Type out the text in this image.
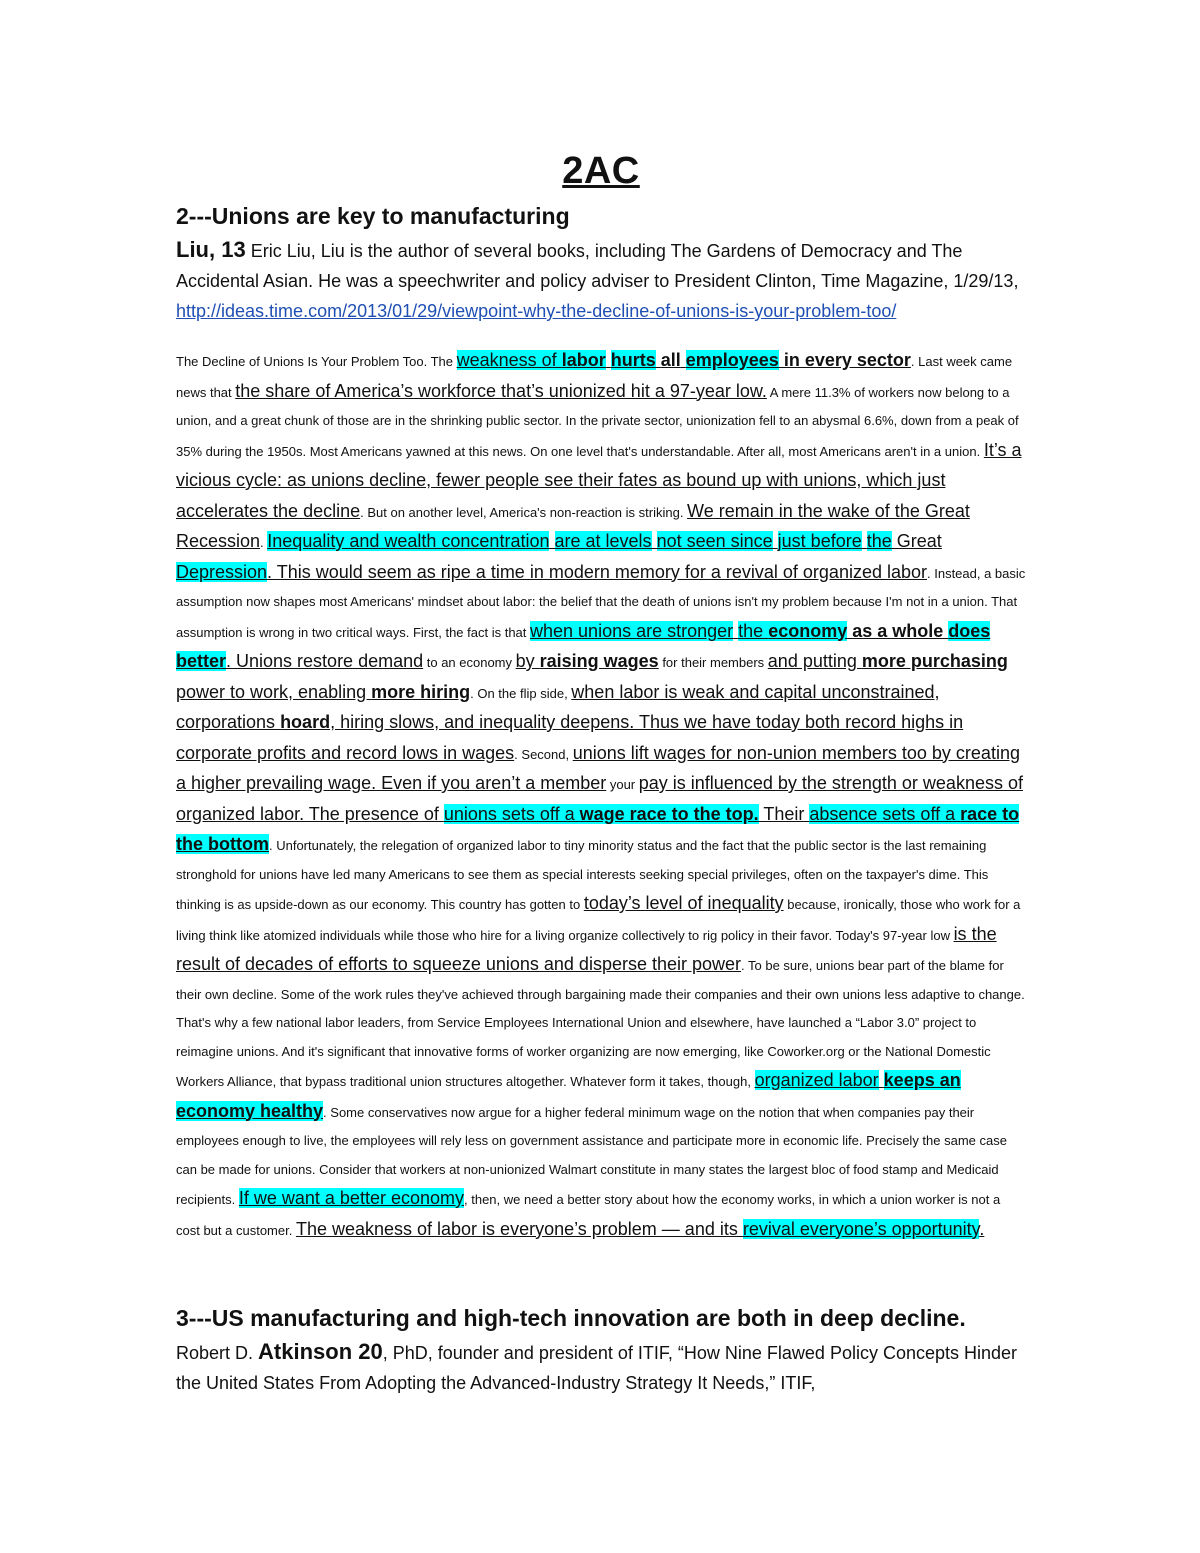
2AC
2---Unions are key to manufacturing

Liu, 13 Eric Liu, Liu is the author of several books, including The Gardens of Democracy and The Accidental Asian. He was a speechwriter and policy adviser to President Clinton, Time Magazine, 1/29/13, http://ideas.time.com/2013/01/29/viewpoint-why-the-decline-of-unions-is-your-problem-too/

The Decline of Unions Is Your Problem Too. The weakness of labor hurts all employees in every sector. Last week came news that the share of America’s workforce that’s unionized hit a 97-year low. A mere 11.3% of workers now belong to a union, and a great chunk of those are in the shrinking public sector. In the private sector, unionization fell to an abysmal 6.6%, down from a peak of 35% during the 1950s. Most Americans yawned at this news. On one level that's understandable. After all, most Americans aren't in a union. It’s a vicious cycle: as unions decline, fewer people see their fates as bound up with unions, which just accelerates the decline. But on another level, America's non-reaction is striking. We remain in the wake of the Great Recession. Inequality and wealth concentration are at levels not seen since just before the Great Depression. This would seem as ripe a time in modern memory for a revival of organized labor. Instead, a basic assumption now shapes most Americans' mindset about labor: the belief that the death of unions isn't my problem because I'm not in a union. That assumption is wrong in two critical ways. First, the fact is that when unions are stronger the economy as a whole does better. Unions restore demand to an economy by raising wages for their members and putting more purchasing power to work, enabling more hiring. On the flip side, when labor is weak and capital unconstrained, corporations hoard, hiring slows, and inequality deepens. Thus we have today both record highs in corporate profits and record lows in wages. Second, unions lift wages for non-union members too by creating a higher prevailing wage. Even if you aren’t a member your pay is influenced by the strength or weakness of organized labor. The presence of unions sets off a wage race to the top. Their absence sets off a race to the bottom. Unfortunately, the relegation of organized labor to tiny minority status and the fact that the public sector is the last remaining stronghold for unions have led many Americans to see them as special interests seeking special privileges, often on the taxpayer's dime. This thinking is as upside-down as our economy. This country has gotten to today’s level of inequality because, ironically, those who work for a living think like atomized individuals while those who hire for a living organize collectively to rig policy in their favor. Today's 97-year low is the result of decades of efforts to squeeze unions and disperse their power. To be sure, unions bear part of the blame for their own decline. Some of the work rules they've achieved through bargaining made their companies and their own unions less adaptive to change. That's why a few national labor leaders, from Service Employees International Union and elsewhere, have launched a “Labor 3.0” project to reimagine unions. And it's significant that innovative forms of worker organizing are now emerging, like Coworker.org or the National Domestic Workers Alliance, that bypass traditional union structures altogether. Whatever form it takes, though, organized labor keeps an economy healthy. Some conservatives now argue for a higher federal minimum wage on the notion that when companies pay their employees enough to live, the employees will rely less on government assistance and participate more in economic life. Precisely the same case can be made for unions. Consider that workers at non-unionized Walmart constitute in many states the largest bloc of food stamp and Medicaid recipients. If we want a better economy, then, we need a better story about how the economy works, in which a union worker is not a cost but a customer. The weakness of labor is everyone’s problem — and its revival everyone’s opportunity.

3---US manufacturing and high-tech innovation are both in deep decline.

Robert D. Atkinson 20, PhD, founder and president of ITIF, “How Nine Flawed Policy Concepts Hinder the United States From Adopting the Advanced-Industry Strategy It Needs,” ITIF,
